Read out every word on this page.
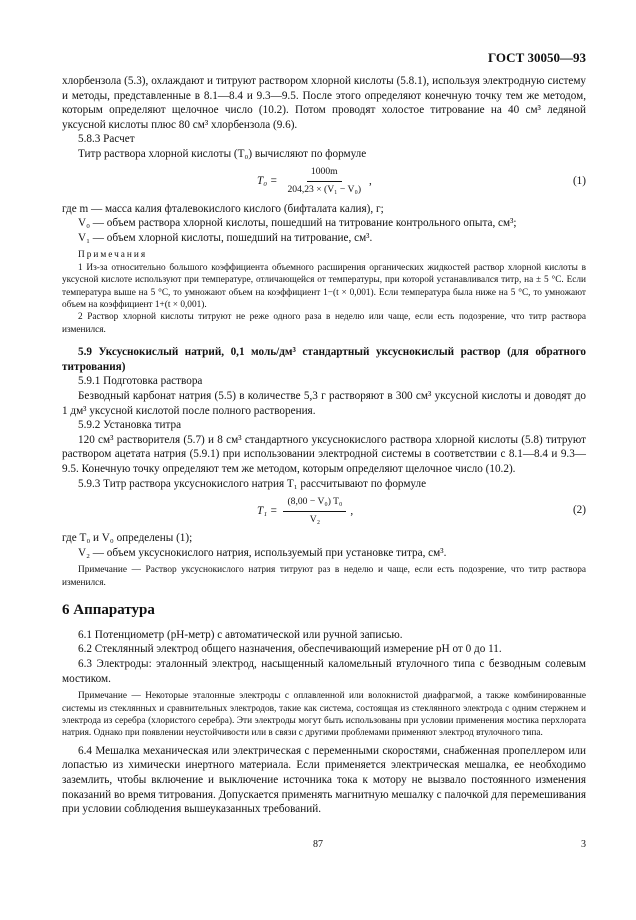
ГОСТ 30050—93

хлорбензола (5.3), охлаждают и титруют раствором хлорной кислоты (5.8.1), используя электродную систему и методы, представленные в 8.1—8.4 и 9.3—9.5. После этого определяют конечную точку тем же методом, которым определяют щелочное число (10.2). Потом проводят холостое титрование на 40 см³ ледяной уксусной кислоты плюс 80 см³ хлорбензола (9.6).

5.8.3 Расчет

Титр раствора хлорной кислоты (T₀) вычисляют по формуле

$T_0 = \frac{1000m}{\text{204,23 × (V₁ − V₀)}}$ ,	(1)

где m — масса калия фталевокислого кислого (бифталата калия), г;

V₀ — объем раствора хлорной кислоты, пошедший на титрование контрольного опыта, см³;

V₁ — объем хлорной кислоты, пошедший на титрование, см³.

Примечания

1 Из-за относительно большого коэффициента объемного расширения органических жидкостей раствор хлорной кислоты в уксусной кислоте используют при температуре, отличающейся от температуры, при которой устанавливался титр, на ± 5 °С. Если температура выше на 5 °С, то умножают объем на коэффициент 1−(t × 0,001). Если температура была ниже на 5 °С, то умножают объем на коэффициент 1+(t × 0,001).

2 Раствор хлорной кислоты титруют не реже одного раза в неделю или чаще, если есть подозрение, что титр раствора изменился.

5.9 Уксуснокислый натрий, 0,1 моль/дм³ стандартный уксуснокислый раствор (для обратного титрования)

5.9.1 Подготовка раствора

Безводный карбонат натрия (5.5) в количестве 5,3 г растворяют в 300 см³ уксусной кислоты и доводят до 1 дм³ уксусной кислотой после полного растворения.

5.9.2 Установка титра

120 см³ растворителя (5.7) и 8 см³ стандартного уксуснокислого раствора хлорной кислоты (5.8) титруют раствором ацетата натрия (5.9.1) при использовании электродной системы в соответствии с 8.1—8.4 и 9.3—9.5. Конечную точку определяют тем же методом, которым определяют щелочное число (10.2).

5.9.3 Титр раствора уксуснокислого натрия T₁ рассчитывают по формуле

$T_1 = \frac{\text{(8,00 − V₀) T₀}}{\text{V₂}}$ ,	(2)

где T₀ и V₀ определены (1);

V₂ — объем уксуснокислого натрия, используемый при установке титра, см³.

Примечание — Раствор уксуснокислого натрия титруют раз в неделю и чаще, если есть подозрение, что титр раствора изменился.

6 Аппаратура

6.1 Потенциометр (рН-метр) с автоматической или ручной записью.

6.2 Стеклянный электрод общего назначения, обеспечивающий измерение рН от 0 до 11.

6.3 Электроды: эталонный электрод, насыщенный каломельный втулочного типа с безводным солевым мостиком.

Примечание — Некоторые эталонные электроды с оплавленной или волокнистой диафрагмой, а также комбинированные системы из стеклянных и сравнительных электродов, такие как система, состоящая из стеклянного электрода с одним стержнем и электрода из серебра (хлористого серебра). Эти электроды могут быть использованы при условии применения мостика перхлората натрия. Однако при появлении неустойчивости или в связи с другими проблемами применяют электрод втулочного типа.

6.4 Мешалка механическая или электрическая с переменными скоростями, снабженная пропеллером или лопастью из химически инертного материала. Если применяется электрическая мешалка, ее необходимо заземлить, чтобы включение и выключение источника тока к мотору не вызвало постоянного изменения показаний во время титрования. Допускается применять магнитную мешалку с палочкой для перемешивания при условии соблюдения вышеуказанных требований.

87	3
